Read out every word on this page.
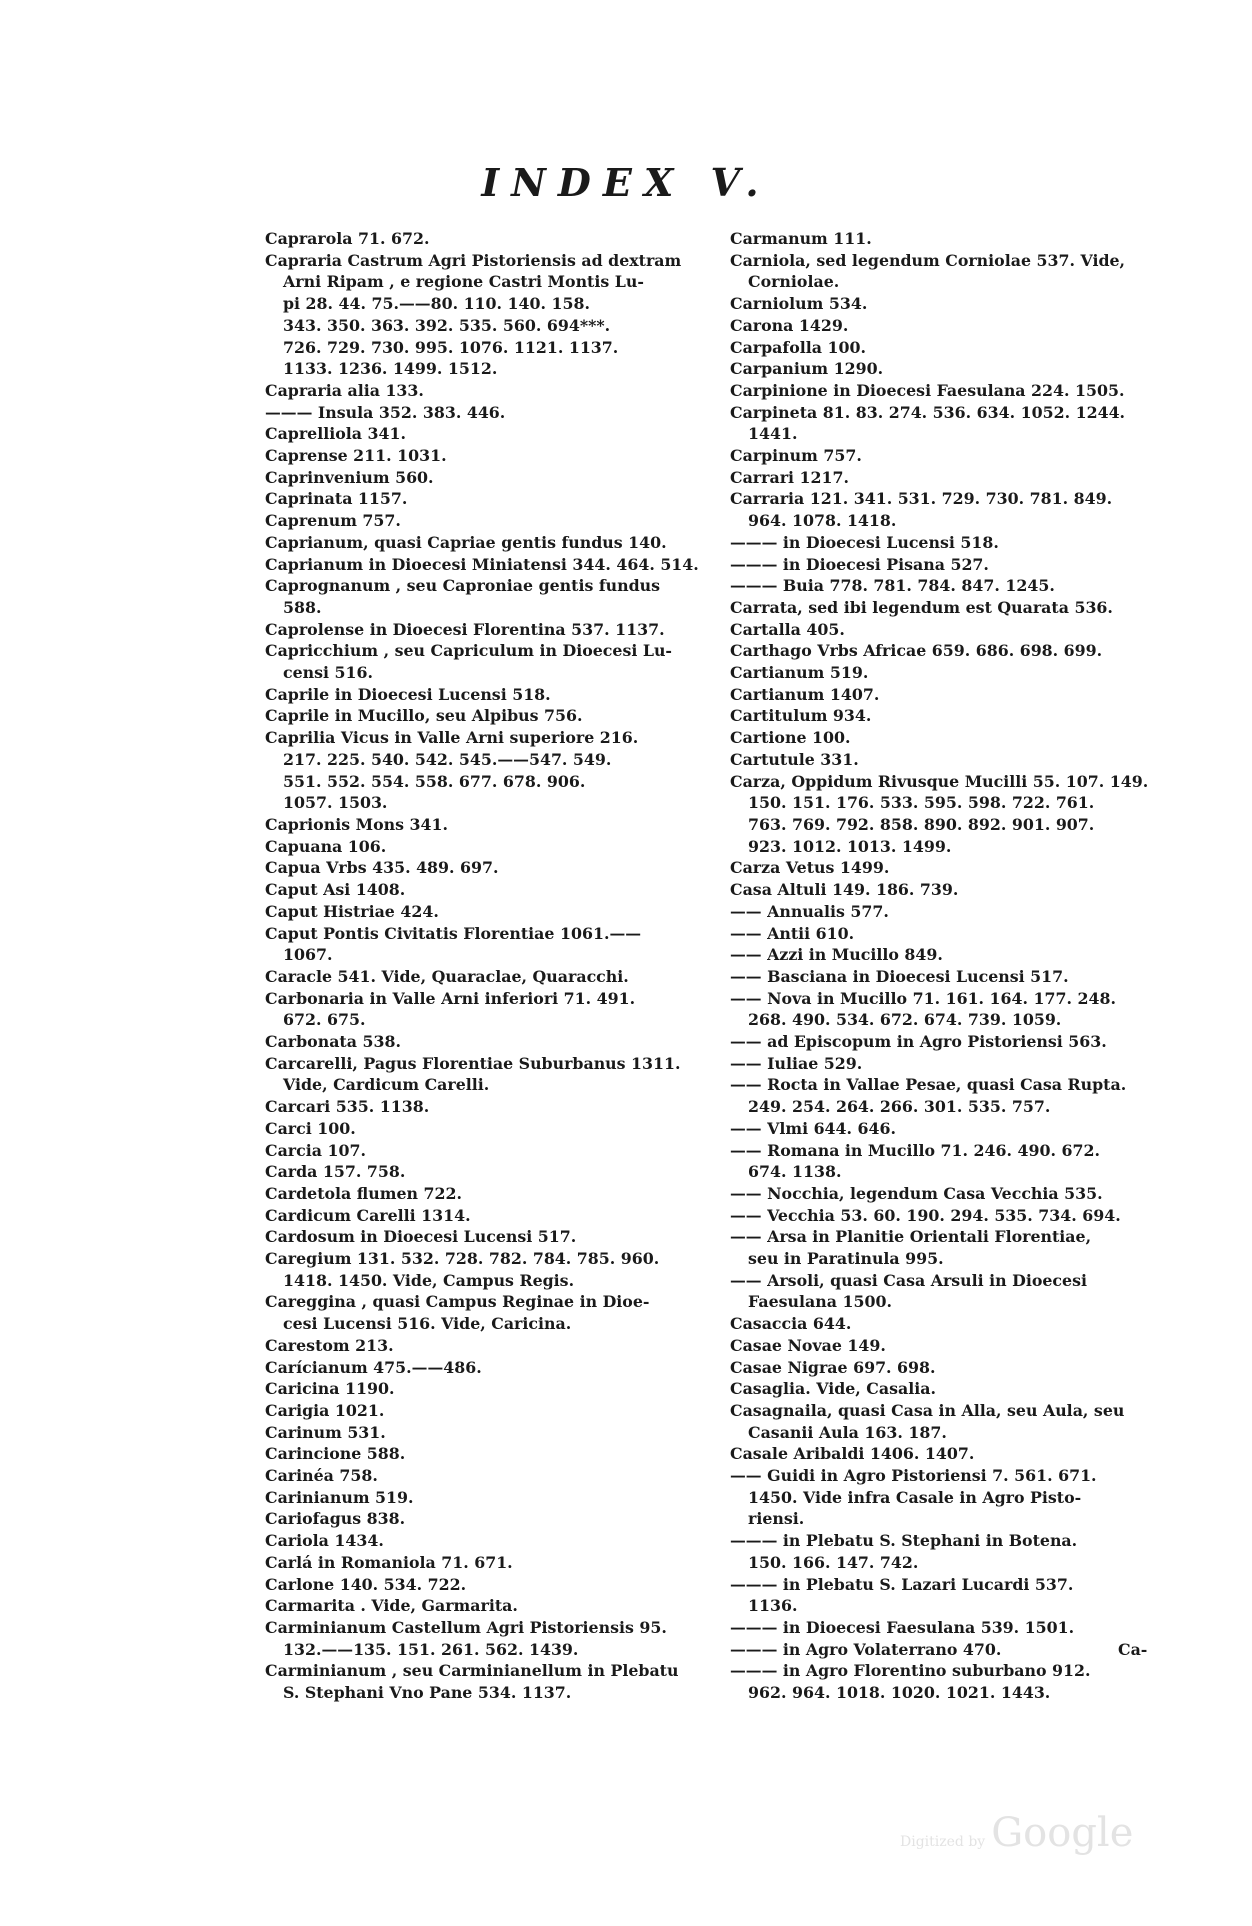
INDEX V.
Caprarola 71. 672.
Capraria Castrum Agri Pistoriensis ad dextram
Arni Ripam , e regione Castri Montis Lu-
pi 28. 44. 75.——80. 110. 140. 158.
343. 350. 363. 392. 535. 560. 694***.
726. 729. 730. 995. 1076. 1121. 1137.
1133. 1236. 1499. 1512.
Capraria alia 133.
——— Insula 352. 383. 446.
Caprelliola 341.
Caprense 211. 1031.
Caprinvenium 560.
Caprinata 1157.
Caprenum 757.
Caprianum, quasi Capriae gentis fundus 140.
Caprianum in Dioecesi Miniatensi 344. 464. 514.
Caprognanum , seu Caproniae gentis fundus
588.
Caprolense in Dioecesi Florentina 537. 1137.
Capricchium , seu Capriculum in Dioecesi Lu-
censi 516.
Caprile in Dioecesi Lucensi 518.
Caprile in Mucillo, seu Alpibus 756.
Caprilia Vicus in Valle Arni superiore 216.
217. 225. 540. 542. 545.——547. 549.
551. 552. 554. 558. 677. 678. 906.
1057. 1503.
Caprionis Mons 341.
Capuana 106.
Capua Vrbs 435. 489. 697.
Caput Asi 1408.
Caput Histriae 424.
Caput Pontis Civitatis Florentiae 1061.——
1067.
Caracle 541. Vide, Quaraclae, Quaracchi.
Carbonaria in Valle Arni inferiori 71. 491.
672. 675.
Carbonata 538.
Carcarelli, Pagus Florentiae Suburbanus 1311.
Vide, Cardicum Carelli.
Carcari 535. 1138.
Carci 100.
Carcia 107.
Carda 157. 758.
Cardetola flumen 722.
Cardicum Carelli 1314.
Cardosum in Dioecesi Lucensi 517.
Caregium 131. 532. 728. 782. 784. 785. 960.
1418. 1450. Vide, Campus Regis.
Careggina , quasi Campus Reginae in Dioe-
cesi Lucensi 516. Vide, Caricina.
Carestom 213.
Carícianum 475.——486.
Caricina 1190.
Carigia 1021.
Carinum 531.
Carincione 588.
Carinéa 758.
Carinianum 519.
Cariofagus 838.
Cariola 1434.
Carlá in Romaniola 71. 671.
Carlone 140. 534. 722.
Carmarita . Vide, Garmarita.
Carminianum Castellum Agri Pistoriensis 95.
132.——135. 151. 261. 562. 1439.
Carminianum , seu Carminianellum in Plebatu
S. Stephani Vno Pane 534. 1137.
Carmanum 111.
Carniola, sed legendum Corniolae 537. Vide,
Corniolae.
Carniolum 534.
Carona 1429.
Carpafolla 100.
Carpanium 1290.
Carpinione in Dioecesi Faesulana 224. 1505.
Carpineta 81. 83. 274. 536. 634. 1052. 1244.
1441.
Carpinum 757.
Carrari 1217.
Carraria 121. 341. 531. 729. 730. 781. 849.
964. 1078. 1418.
——— in Dioecesi Lucensi 518.
——— in Dioecesi Pisana 527.
——— Buia 778. 781. 784. 847. 1245.
Carrata, sed ibi legendum est Quarata 536.
Cartalla 405.
Carthago Vrbs Africae 659. 686. 698. 699.
Cartianum 519.
Cartianum 1407.
Cartitulum 934.
Cartione 100.
Cartutule 331.
Carza, Oppidum Rivusque Mucilli 55. 107. 149.
150. 151. 176. 533. 595. 598. 722. 761.
763. 769. 792. 858. 890. 892. 901. 907.
923. 1012. 1013. 1499.
Carza Vetus 1499.
Casa Altuli 149. 186. 739.
—— Annualis 577.
—— Antii 610.
—— Azzi in Mucillo 849.
—— Basciana in Dioecesi Lucensi 517.
—— Nova in Mucillo 71. 161. 164. 177. 248.
268. 490. 534. 672. 674. 739. 1059.
—— ad Episcopum in Agro Pistoriensi 563.
—— Iuliae 529.
—— Rocta in Vallae Pesae, quasi Casa Rupta.
249. 254. 264. 266. 301. 535. 757.
—— Vlmi 644. 646.
—— Romana in Mucillo 71. 246. 490. 672.
674. 1138.
—— Nocchia, legendum Casa Vecchia 535.
—— Vecchia 53. 60. 190. 294. 535. 734. 694.
—— Arsa in Planitie Orientali Florentiae,
seu in Paratinula 995.
—— Arsoli, quasi Casa Arsuli in Dioecesi
Faesulana 1500.
Casaccia 644.
Casae Novae 149.
Casae Nigrae 697. 698.
Casaglia. Vide, Casalia.
Casagnaila, quasi Casa in Alla, seu Aula, seu
Casanii Aula 163. 187.
Casale Aribaldi 1406. 1407.
—— Guidi in Agro Pistoriensi 7. 561. 671.
1450. Vide infra Casale in Agro Pisto-
riensi.
——— in Plebatu S. Stephani in Botena.
150. 166. 147. 742.
——— in Plebatu S. Lazari Lucardi 537.
1136.
——— in Dioecesi Faesulana 539. 1501.
——— in Agro Volaterrano 470.
——— in Agro Florentino suburbano 912.
962. 964. 1018. 1020. 1021. 1443.
Ca-
Digitized by Google
